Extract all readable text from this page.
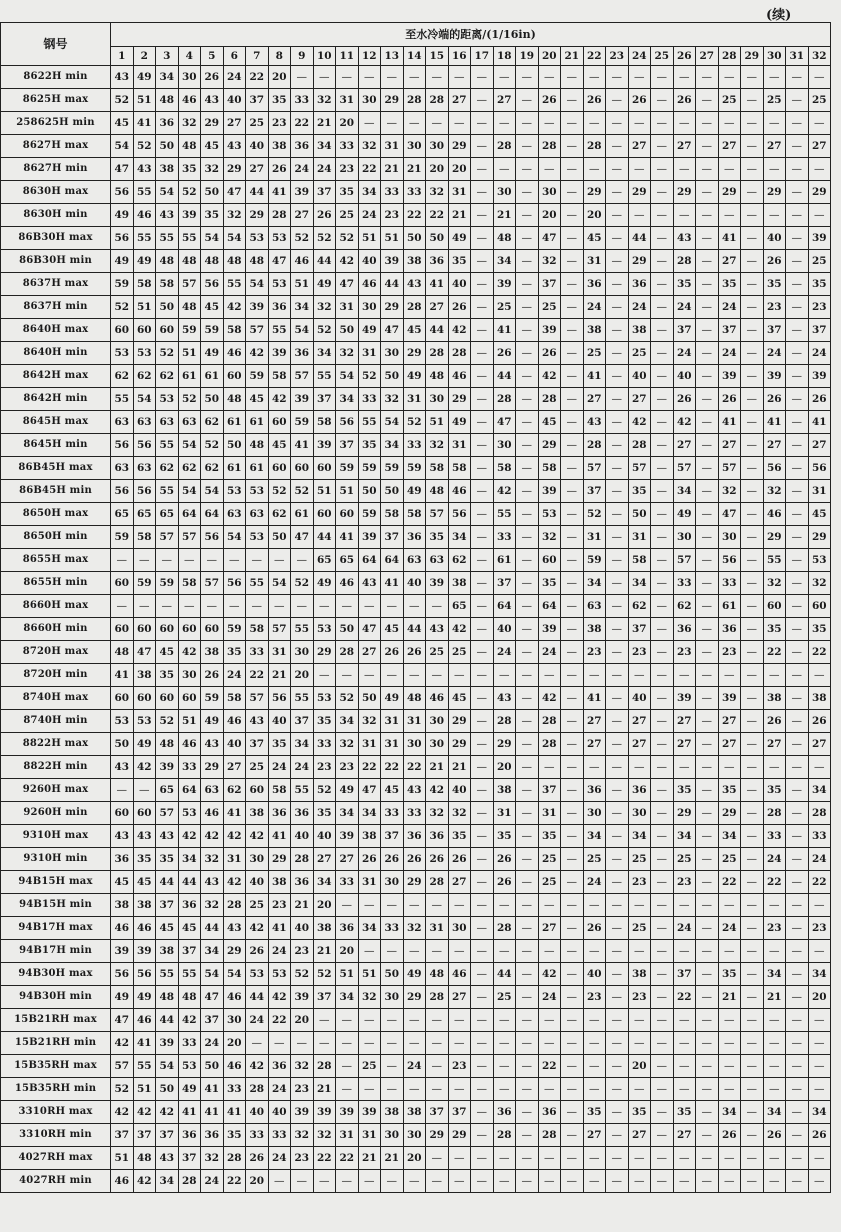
(续)
钢号	至水冷端的距离/(1/16in)																															
	1	2	3	4	5	6	7	8	9	10	11	12	13	14	15	16	17	18	19	20	21	22	23	24	25	26	27	28	29	30	31	32
8622H min	43	49	34	30	26	24	22	20	—	—	—	—	—	—	—	—	—	—	—	—	—	—	—	—	—	—	—	—	—	—	—	—
8625H max	52	51	48	46	43	40	37	35	33	32	31	30	29	28	28	27	—	27	—	26	—	26	—	26	—	26	—	25	—	25	—	25
258625H min	45	41	36	32	29	27	25	23	22	21	20	—	—	—	—	—	—	—	—	—	—	—	—	—	—	—	—	—	—	—	—	—
8627H max	54	52	50	48	45	43	40	38	36	34	33	32	31	30	30	29	—	28	—	28	—	28	—	27	—	27	—	27	—	27	—	27
8627H min	47	43	38	35	32	29	27	26	24	24	23	22	21	21	20	20	—	—	—	—	—	—	—	—	—	—	—	—	—	—	—	—
8630H max	56	55	54	52	50	47	44	41	39	37	35	34	33	33	32	31	—	30	—	30	—	29	—	29	—	29	—	29	—	29	—	29
8630H min	49	46	43	39	35	32	29	28	27	26	25	24	23	22	22	21	—	21	—	20	—	20	—	—	—	—	—	—	—	—	—	—
86B30H max	56	55	55	55	54	54	53	53	52	52	52	51	51	50	50	49	—	48	—	47	—	45	—	44	—	43	—	41	—	40	—	39
86B30H min	49	49	48	48	48	48	48	47	46	44	42	40	39	38	36	35	—	34	—	32	—	31	—	29	—	28	—	27	—	26	—	25
8637H max	59	58	58	57	56	55	54	53	51	49	47	46	44	43	41	40	—	39	—	37	—	36	—	36	—	35	—	35	—	35	—	35
8637H min	52	51	50	48	45	42	39	36	34	32	31	30	29	28	27	26	—	25	—	25	—	24	—	24	—	24	—	24	—	23	—	23
8640H max	60	60	60	59	59	58	57	55	54	52	50	49	47	45	44	42	—	41	—	39	—	38	—	38	—	37	—	37	—	37	—	37
8640H min	53	53	52	51	49	46	42	39	36	34	32	31	30	29	28	28	—	26	—	26	—	25	—	25	—	24	—	24	—	24	—	24
8642H max	62	62	62	61	61	60	59	58	57	55	54	52	50	49	48	46	—	44	—	42	—	41	—	40	—	40	—	39	—	39	—	39
8642H min	55	54	53	52	50	48	45	42	39	37	34	33	32	31	30	29	—	28	—	28	—	27	—	27	—	26	—	26	—	26	—	26
8645H max	63	63	63	63	62	61	61	60	59	58	56	55	54	52	51	49	—	47	—	45	—	43	—	42	—	42	—	41	—	41	—	41
8645H min	56	56	55	54	52	50	48	45	41	39	37	35	34	33	32	31	—	30	—	29	—	28	—	28	—	27	—	27	—	27	—	27
86B45H max	63	63	62	62	62	61	61	60	60	60	59	59	59	59	58	58	—	58	—	58	—	57	—	57	—	57	—	57	—	56	—	56
86B45H min	56	56	55	54	54	53	53	52	52	51	51	50	50	49	48	46	—	42	—	39	—	37	—	35	—	34	—	32	—	32	—	31
8650H max	65	65	65	64	64	63	63	62	61	60	60	59	58	58	57	56	—	55	—	53	—	52	—	50	—	49	—	47	—	46	—	45
8650H min	59	58	57	57	56	54	53	50	47	44	41	39	37	36	35	34	—	33	—	32	—	31	—	31	—	30	—	30	—	29	—	29
8655H max	—	—	—	—	—	—	—	—	—	65	65	64	64	63	63	62	—	61	—	60	—	59	—	58	—	57	—	56	—	55	—	53
8655H min	60	59	59	58	57	56	55	54	52	49	46	43	41	40	39	38	—	37	—	35	—	34	—	34	—	33	—	33	—	32	—	32
8660H max	—	—	—	—	—	—	—	—	—	—	—	—	—	—	—	65	—	64	—	64	—	63	—	62	—	62	—	61	—	60	—	60
8660H min	60	60	60	60	60	59	58	57	55	53	50	47	45	44	43	42	—	40	—	39	—	38	—	37	—	36	—	36	—	35	—	35
8720H max	48	47	45	42	38	35	33	31	30	29	28	27	26	26	25	25	—	24	—	24	—	23	—	23	—	23	—	23	—	22	—	22
8720H min	41	38	35	30	26	24	22	21	20	—	—	—	—	—	—	—	—	—	—	—	—	—	—	—	—	—	—	—	—	—	—	—
8740H max	60	60	60	60	59	58	57	56	55	53	52	50	49	48	46	45	—	43	—	42	—	41	—	40	—	39	—	39	—	38	—	38
8740H min	53	53	52	51	49	46	43	40	37	35	34	32	31	31	30	29	—	28	—	28	—	27	—	27	—	27	—	27	—	26	—	26
8822H max	50	49	48	46	43	40	37	35	34	33	32	31	31	30	30	29	—	29	—	28	—	27	—	27	—	27	—	27	—	27	—	27
8822H min	43	42	39	33	29	27	25	24	24	23	23	22	22	22	21	21	—	20	—	—	—	—	—	—	—	—	—	—	—	—	—	—
9260H max	—	—	65	64	63	62	60	58	55	52	49	47	45	43	42	40	—	38	—	37	—	36	—	36	—	35	—	35	—	35	—	34
9260H min	60	60	57	53	46	41	38	36	36	35	34	34	33	33	32	32	—	31	—	31	—	30	—	30	—	29	—	29	—	28	—	28
9310H max	43	43	43	42	42	42	42	41	40	40	39	38	37	36	36	35	—	35	—	35	—	34	—	34	—	34	—	34	—	33	—	33
9310H min	36	35	35	34	32	31	30	29	28	27	27	26	26	26	26	26	—	26	—	25	—	25	—	25	—	25	—	25	—	24	—	24
94B15H max	45	45	44	44	43	42	40	38	36	34	33	31	30	29	28	27	—	26	—	25	—	24	—	23	—	23	—	22	—	22	—	22
94B15H min	38	38	37	36	32	28	25	23	21	20	—	—	—	—	—	—	—	—	—	—	—	—	—	—	—	—	—	—	—	—	—	—
94B17H max	46	46	45	45	44	43	42	41	40	38	36	34	33	32	31	30	—	28	—	27	—	26	—	25	—	24	—	24	—	23	—	23
94B17H min	39	39	38	37	34	29	26	24	23	21	20	—	—	—	—	—	—	—	—	—	—	—	—	—	—	—	—	—	—	—	—	—
94B30H max	56	56	55	55	54	54	53	53	52	52	51	51	50	49	48	46	—	44	—	42	—	40	—	38	—	37	—	35	—	34	—	34
94B30H min	49	49	48	48	47	46	44	42	39	37	34	32	30	29	28	27	—	25	—	24	—	23	—	23	—	22	—	21	—	21	—	20
15B21RH max	47	46	44	42	37	30	24	22	20	—	—	—	—	—	—	—	—	—	—	—	—	—	—	—	—	—	—	—	—	—	—	—
15B21RH min	42	41	39	33	24	20	—	—	—	—	—	—	—	—	—	—	—	—	—	—	—	—	—	—	—	—	—	—	—	—	—	—
15B35RH max	57	55	54	53	50	46	42	36	32	28	—	25	—	24	—	23	—	—	—	22	—	—	—	20	—	—	—	—	—	—	—	—
15B35RH min	52	51	50	49	41	33	28	24	23	21	—	—	—	—	—	—	—	—	—	—	—	—	—	—	—	—	—	—	—	—	—	—
3310RH max	42	42	42	41	41	41	40	40	39	39	39	39	38	38	37	37	—	36	—	36	—	35	—	35	—	35	—	34	—	34	—	34
3310RH min	37	37	37	36	36	35	33	33	32	32	31	31	30	30	29	29	—	28	—	28	—	27	—	27	—	27	—	26	—	26	—	26
4027RH max	51	48	43	37	32	28	26	24	23	22	22	21	21	20	—	—	—	—	—	—	—	—	—	—	—	—	—	—	—	—	—	—
4027RH min	46	42	34	28	24	22	20	—	—	—	—	—	—	—	—	—	—	—	—	—	—	—	—	—	—	—	—	—	—	—	—	—
